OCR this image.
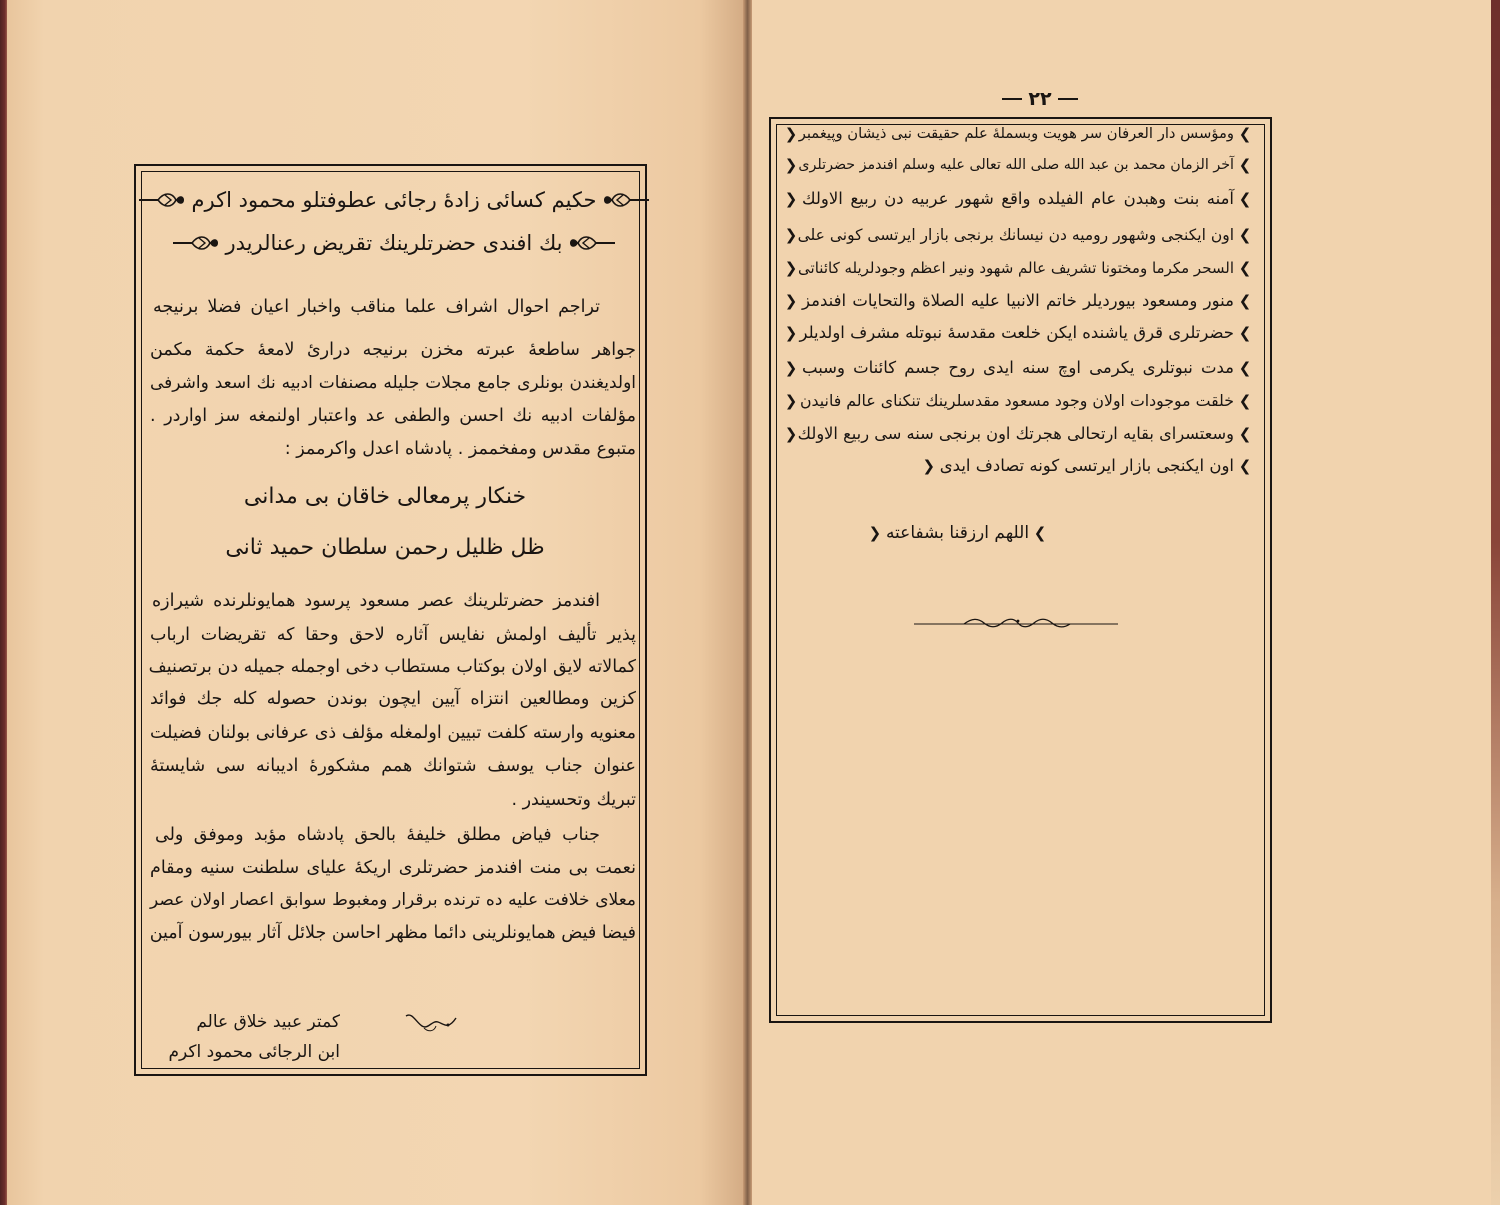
حکیم کسائی زادۀ رجائی عطوفتلو محمود اکرم
بك افندی حضرتلرینك تقریض رعنالریدر
تراجم احوال اشراف علما مناقب واخبار اعیان فضلا برنیجه
جواهر ساطعۀ عبرته مخزن برنیجه درارئ لامعۀ حکمة مکمن
اولدیغندن بونلری جامع مجلات جلیله مصنفات ادبیه نك اسعد واشرفی
مؤلفات ادبیه نك احسن والطفی عد واعتبار اولنمغه سز اواردر .
متبوع مقدس ومفخممز . پادشاه اعدل واکرممز :
خنکار پرمعالی خاقان بی مدانی
ظل ظلیل رحمن سلطان حمید ثانی
افندمز حضرتلرینك عصر مسعود پرسود همایونلرنده شیرازه
پذیر تألیف اولمش نفایس آثاره لاحق وحقا که تقریضات ارباب
کمالاته لایق اولان بوکتاب مستطاب دخی اوجمله جمیله دن برتصنیف
کزین ومطالعین انتزاه آیین ایچون بوندن حصوله کله جك فوائد
معنویه وارسته کلفت تبیین اولمغله مؤلف ذی عرفانی بولنان فضیلت
عنوان جناب یوسف شتوانك همم مشکورۀ ادیبانه سی شایستۀ
تبریك وتحسیندر .
جناب فیاض مطلق خلیفۀ بالحق پادشاه مؤبد وموفق ولی
نعمت بی منت افندمز حضرتلری اریکۀ علیای سلطنت سنیه ومقام
معلای خلافت علیه ده ترنده برقرار ومغبوط سوابق اعصار اولان عصر
فیضا فیض همایونلرینی دائما مظهر احاسن جلائل آثار بیورسون آمین
کمتر عبید خلاق عالم
ابن الرجائی محمود اکرم
۲۲
❯
ومؤسس دار العرفان سر هویت وبسملۀ علم حقیقت نبی ذیشان وپیغمبر
❮
❯
آخر الزمان محمد بن عبد الله صلی الله تعالی علیه وسلم افندمز حضرتلری
❮
❯
آمنه بنت وهبدن عام الفیلده واقع شهور عربیه دن ربیع الاولك
❮
❯
اون ایکنجی وشهور رومیه دن نیسانك برنجی بازار ایرتسی کونی علی
❮
❯
السحر مکرما ومختونا تشریف عالم شهود ونیر اعظم وجودلریله کائناتی
❮
❯
منور ومسعود بیوردیلر خاتم الانبیا علیه الصلاة والتحایات افندمز
❮
❯
حضرتلری قرق یاشنده ایکن خلعت مقدسۀ نبوتله مشرف اولدیلر
❮
❯
مدت نبوتلری یکرمی اوچ سنه ایدی روح جسم کائنات وسبب
❮
❯
خلقت موجودات اولان وجود مسعود مقدسلرینك تنکنای عالم فانیدن
❮
❯
وسعتسرای بقایه ارتحالی هجرتك اون برنجی سنه سی ربیع الاولك
❮
❯
اون ایکنجی بازار ایرتسی کونه تصادف ایدی
❮
❯
اللهم ارزقنا بشفاعته
❮
